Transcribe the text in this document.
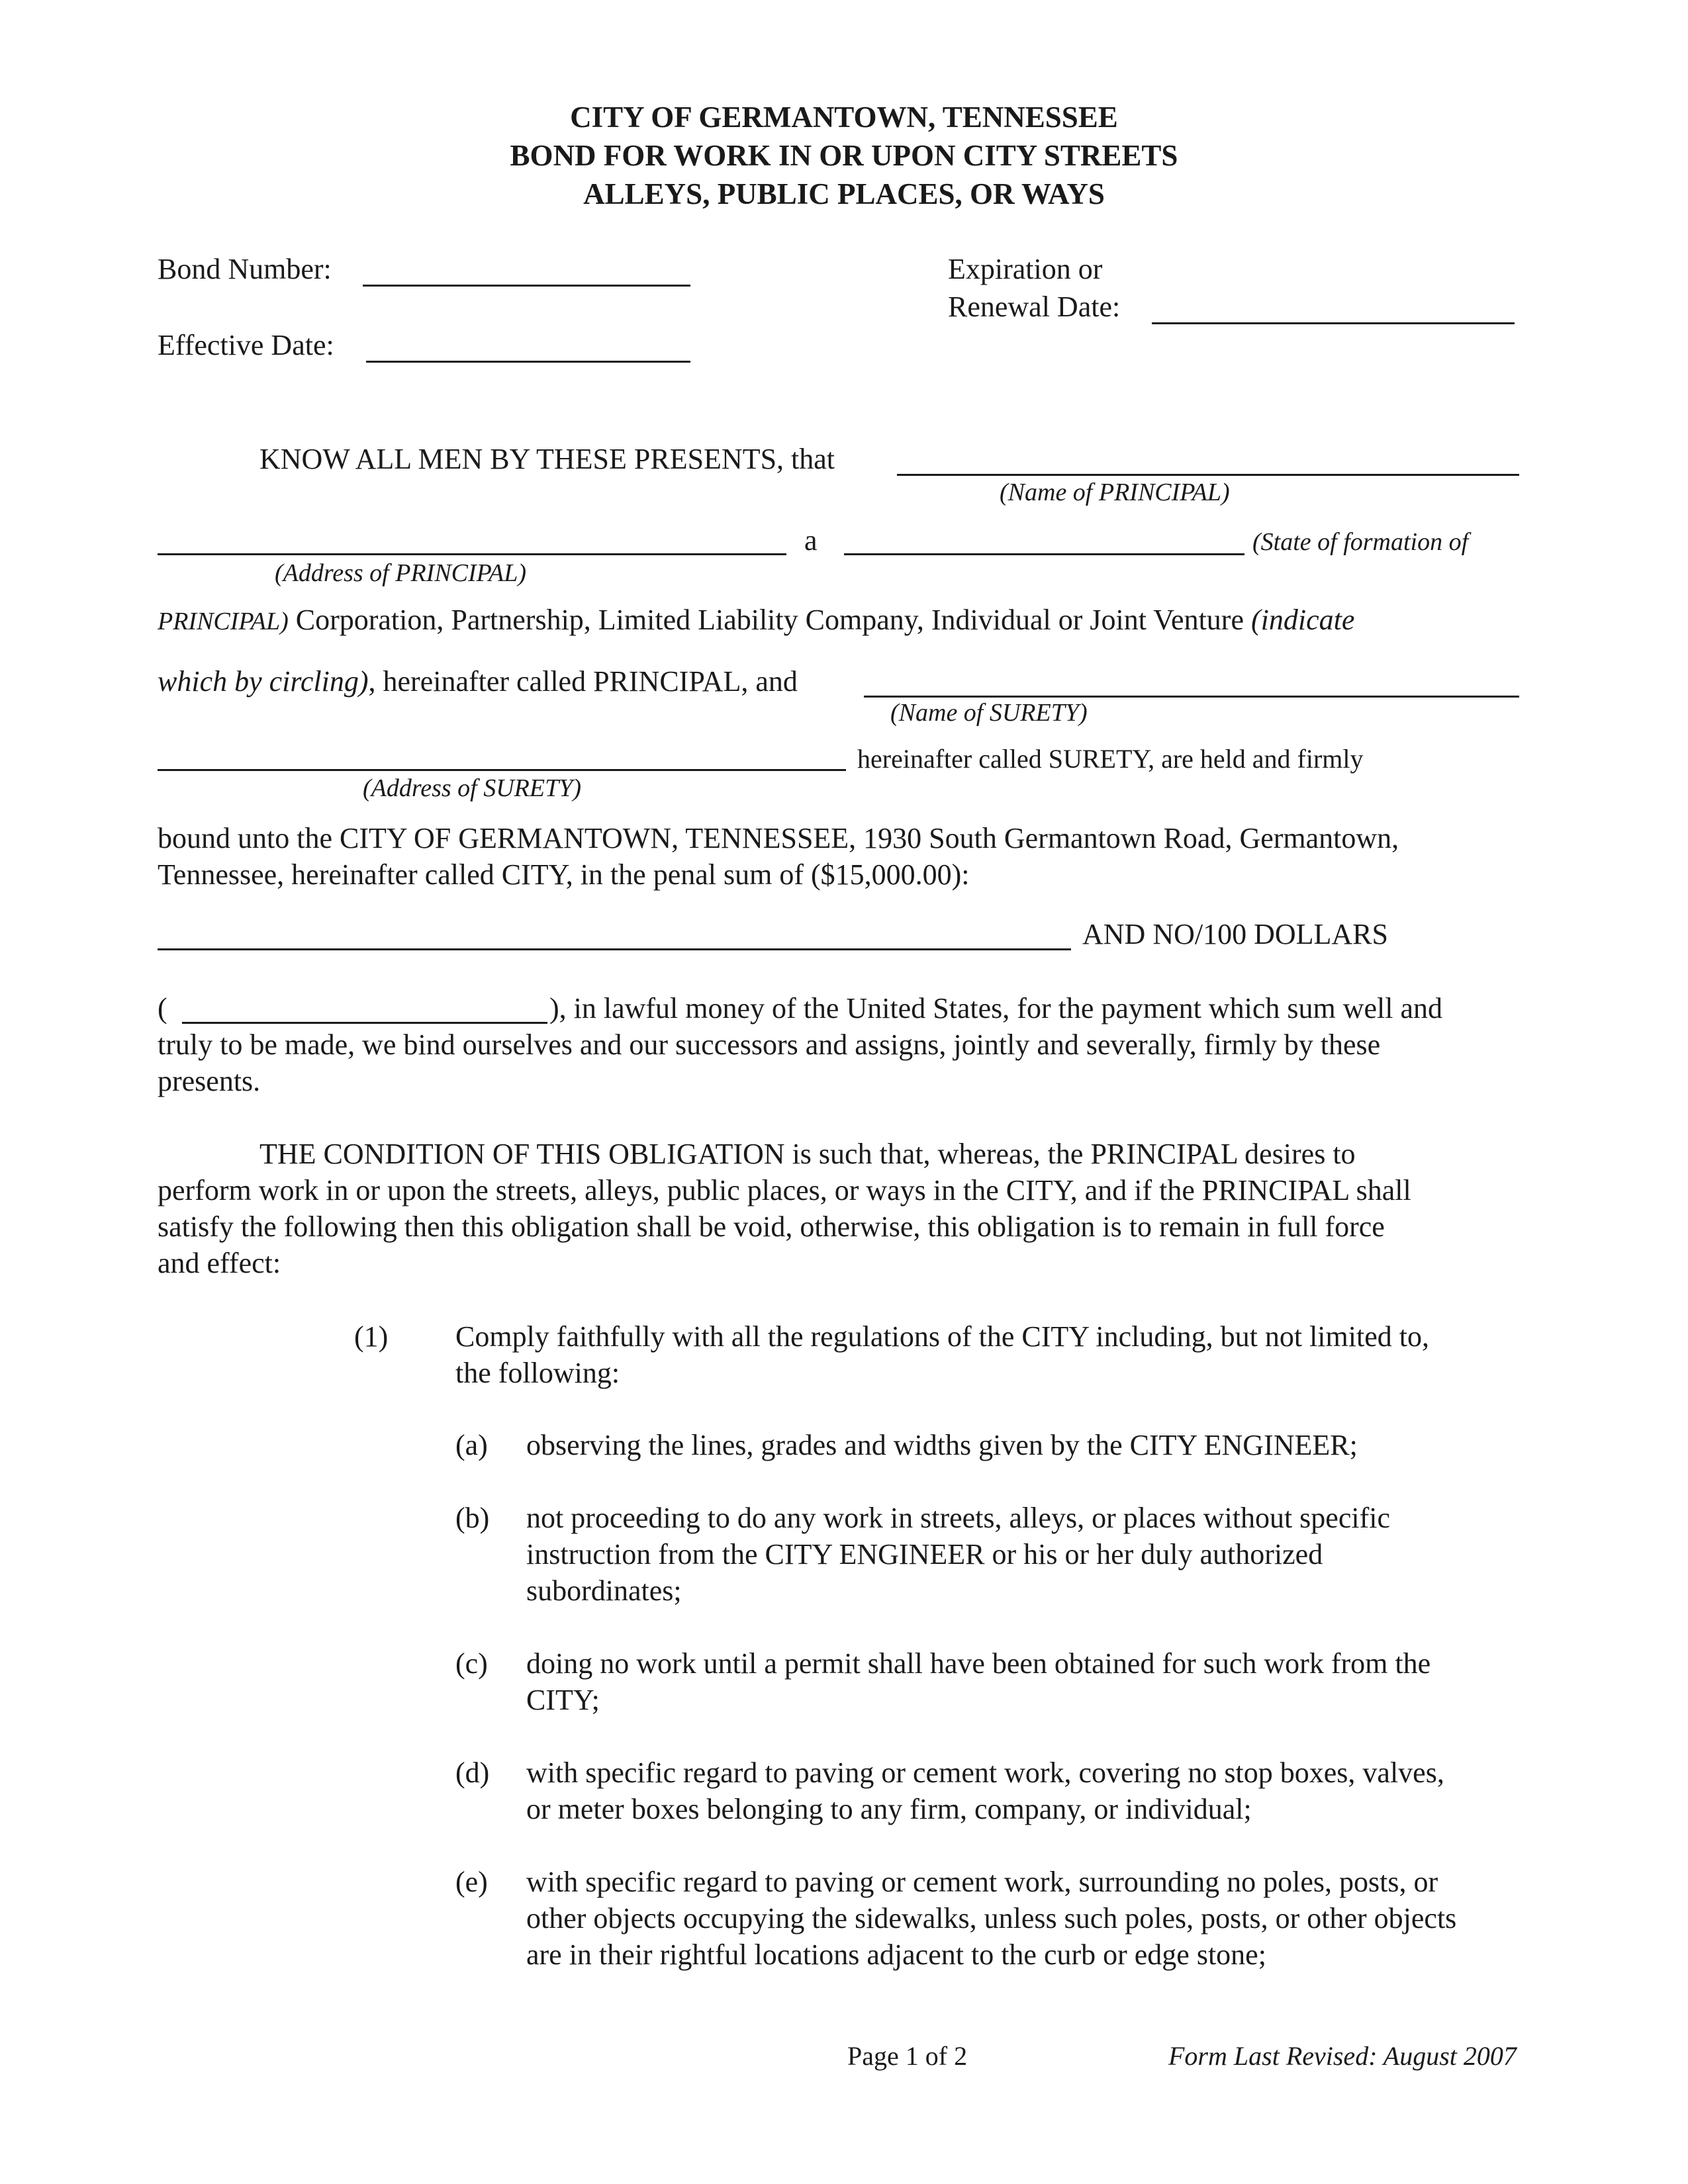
CITY OF GERMANTOWN, TENNESSEE
BOND FOR WORK IN OR UPON CITY STREETS
ALLEYS, PUBLIC PLACES, OR WAYS
Bond Number:
Effective Date:
Expiration or
Renewal Date:
KNOW ALL MEN BY THESE PRESENTS, that
(Name of PRINCIPAL)
a	(State of formation of
(Address of PRINCIPAL)
PRINCIPAL) Corporation, Partnership, Limited Liability Company, Individual or Joint Venture (indicate
which by circling), hereinafter called PRINCIPAL, and
(Name of SURETY)
hereinafter called SURETY, are held and firmly
(Address of SURETY)
bound unto the CITY OF GERMANTOWN, TENNESSEE, 1930 South Germantown Road, Germantown,
Tennessee, hereinafter called CITY, in the penal sum of ($15,000.00):
AND NO/100 DOLLARS
(	), in lawful money of the United States, for the payment which sum well and
truly to be made, we bind ourselves and our successors and assigns, jointly and severally, firmly by these
presents.
THE CONDITION OF THIS OBLIGATION is such that, whereas, the PRINCIPAL desires to
perform work in or upon the streets, alleys, public places, or ways in the CITY, and if the PRINCIPAL shall
satisfy the following then this obligation shall be void, otherwise, this obligation is to remain in full force
and effect:
(1) Comply faithfully with all the regulations of the CITY including, but not limited to,
the following:
(a) observing the lines, grades and widths given by the CITY ENGINEER;
(b) not proceeding to do any work in streets, alleys, or places without specific
instruction from the CITY ENGINEER or his or her duly authorized
subordinates;
(c) doing no work until a permit shall have been obtained for such work from the
CITY;
(d) with specific regard to paving or cement work, covering no stop boxes, valves,
or meter boxes belonging to any firm, company, or individual;
(e) with specific regard to paving or cement work, surrounding no poles, posts, or
other objects occupying the sidewalks, unless such poles, posts, or other objects
are in their rightful locations adjacent to the curb or edge stone;
Page 1 of 2	Form Last Revised: August 2007
